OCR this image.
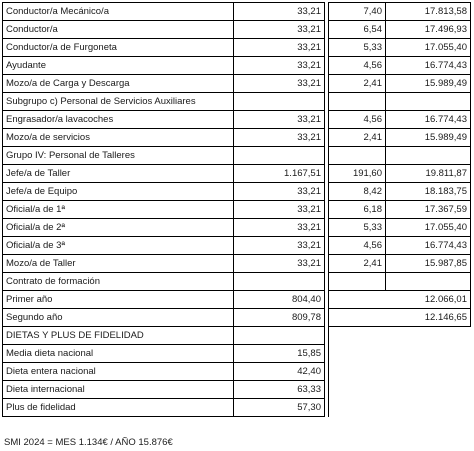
Conductor/a Mecánico/a	33,21		7,40	17.813,58
Conductor/a	33,21		6,54	17.496,93
Conductor/a de Furgoneta	33,21		5,33	17.055,40
Ayudante	33,21		4,56	16.774,43
Mozo/a de Carga y Descarga	33,21		2,41	15.989,49
Subgrupo c) Personal de Servicios Auxiliares				
Engrasador/a lavacoches	33,21		4,56	16.774,43
Mozo/a de servicios	33,21		2,41	15.989,49
Grupo IV: Personal de Talleres				
Jefe/a de Taller	1.167,51		191,60	19.811,87
Jefe/a de Equipo	33,21		8,42	18.183,75
Oficial/a de 1ª	33,21		6,18	17.367,59
Oficial/a de 2ª	33,21		5,33	17.055,40
Oficial/a de 3ª	33,21		4,56	16.774,43
Mozo/a de Taller	33,21		2,41	15.987,85
Contrato de formación				
Primer año	804,40			12.066,01
Segundo año	809,78			12.146,65
DIETAS Y PLUS DE FIDELIDAD				
Media dieta nacional	15,85			
Dieta entera nacional	42,40			
Dieta internacional	63,33			
Plus de fidelidad	57,30			
SMI 2024 = MES 1.134€ / AÑO 15.876€
